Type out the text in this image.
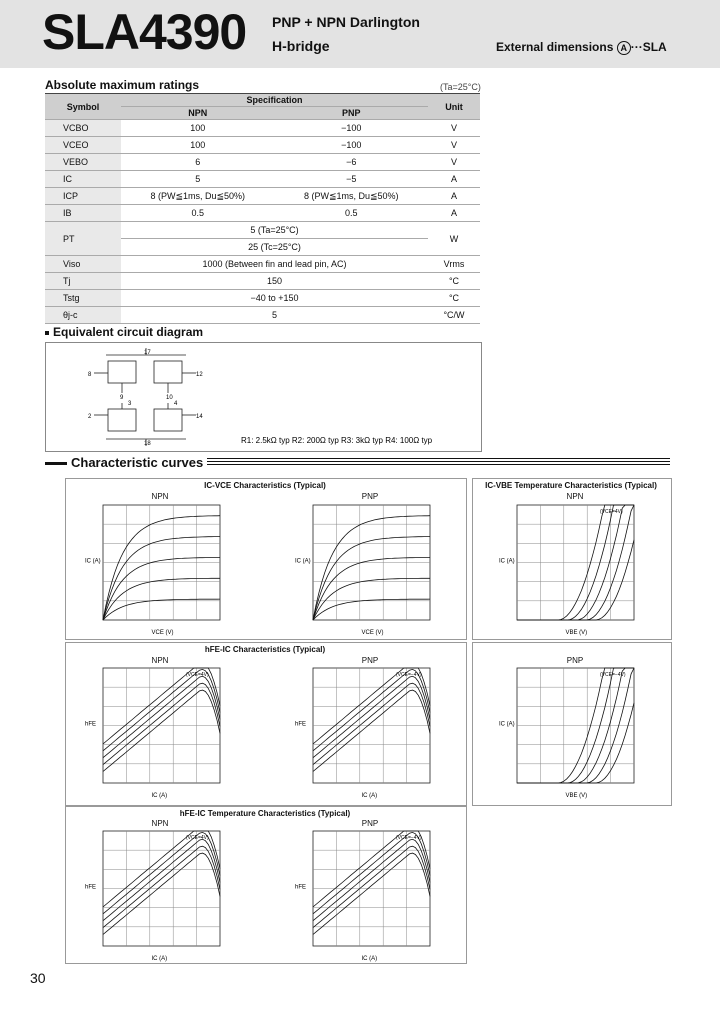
SLA4390 PNP + NPN Darlington
H-bridge	External dimensions A ···SLA
Absolute maximum ratings	(Ta=25°C)
Symbol	Specification		Unit
	NPN	PNP	
VCBO	100	−100	V
VCEO	100	−100	V
VEBO	6	−6	V
IC	5	−5	A
ICP	8 (PW≦1ms, Du≦50%)	8 (PW≦1ms, Du≦50%)	A
IB	0.5	0.5	A
PT	5 (Ta=25°C)		W
	25 (Tc=25°C)		
Viso	1000 (Between fin and lead pin, AC)		Vrms
Tj	150		°C
Tstg	−40 to +150		°C
θj-c	5		°C/W
Equivalent circuit diagram
17
8	12
9	10
3
2	14
18
4
R1: 2.5kΩ typ R2: 200Ω typ R3: 3kΩ typ R4: 100Ω typ
Characteristic curves
IC-VCE Characteristics (Typical)	IC-VBE Temperature Characteristics (Typical)
hFE-IC Characteristics (Typical)
hFE-IC Temperature Characteristics (Typical)
NPN	PNP	NPN
NPN	PNP	PNP
NPN	PNP
VCE (V)
IC (A)
VCE (V)
IC (A)
VBE (V)
IC (A)
(VCE=4V)
IC (A)
hFE
(VCE=4V)
IC (A)
hFE
(VCE=−4V)
VBE (V)
IC (A)
(VCE=−4V)
IC (A)
hFE
(VCE=4V)
IC (A)
hFE
(VCE=−4V)
30
